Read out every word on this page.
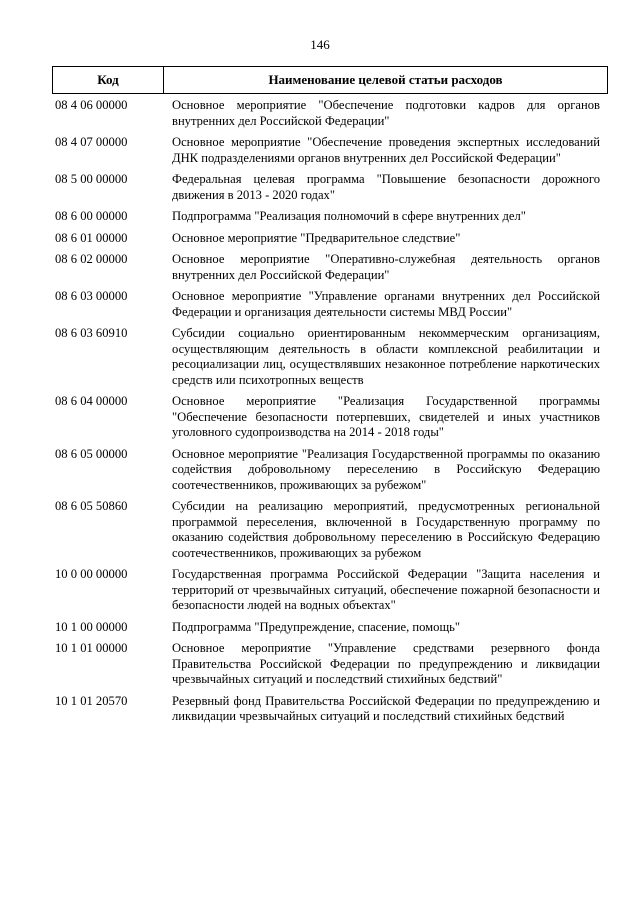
146
Код	Наименование целевой статьи расходов
08 4 06 00000	Основное мероприятие "Обеспечение подготовки кадров для органов внутренних дел Российской Федерации"
08 4 07 00000	Основное мероприятие "Обеспечение проведения экспертных исследований ДНК подразделениями органов внутренних дел Российской Федерации"
08 5 00 00000	Федеральная целевая программа "Повышение безопасности дорожного движения в 2013 - 2020 годах"
08 6 00 00000	Подпрограмма "Реализация полномочий в сфере внутренних дел"
08 6 01 00000	Основное мероприятие "Предварительное следствие"
08 6 02 00000	Основное мероприятие "Оперативно-служебная деятельность органов внутренних дел Российской Федерации"
08 6 03 00000	Основное мероприятие "Управление органами внутренних дел Российской Федерации и организация деятельности системы МВД России"
08 6 03 60910	Субсидии социально ориентированным некоммерческим организациям, осуществляющим деятельность в области комплексной реабилитации и ресоциализации лиц, осуществлявших незаконное потребление наркотических средств или психотропных веществ
08 6 04 00000	Основное мероприятие "Реализация Государственной программы "Обеспечение безопасности потерпевших, свидетелей и иных участников уголовного судопроизводства на 2014 - 2018 годы"
08 6 05 00000	Основное мероприятие "Реализация Государственной программы по оказанию содействия добровольному переселению в Российскую Федерацию соотечественников, проживающих за рубежом"
08 6 05 50860	Субсидии на реализацию мероприятий, предусмотренных региональной программой переселения, включенной в Государственную программу по оказанию содействия добровольному переселению в Российскую Федерацию соотечественников, проживающих за рубежом
10 0 00 00000	Государственная программа Российской Федерации "Защита населения и территорий от чрезвычайных ситуаций, обеспечение пожарной безопасности и безопасности людей на водных объектах"
10 1 00 00000	Подпрограмма "Предупреждение, спасение, помощь"
10 1 01 00000	Основное мероприятие "Управление средствами резервного фонда Правительства Российской Федерации по предупреждению и ликвидации чрезвычайных ситуаций и последствий стихийных бедствий"
10 1 01 20570	Резервный фонд Правительства Российской Федерации по предупреждению и ликвидации чрезвычайных ситуаций и последствий стихийных бедствий
